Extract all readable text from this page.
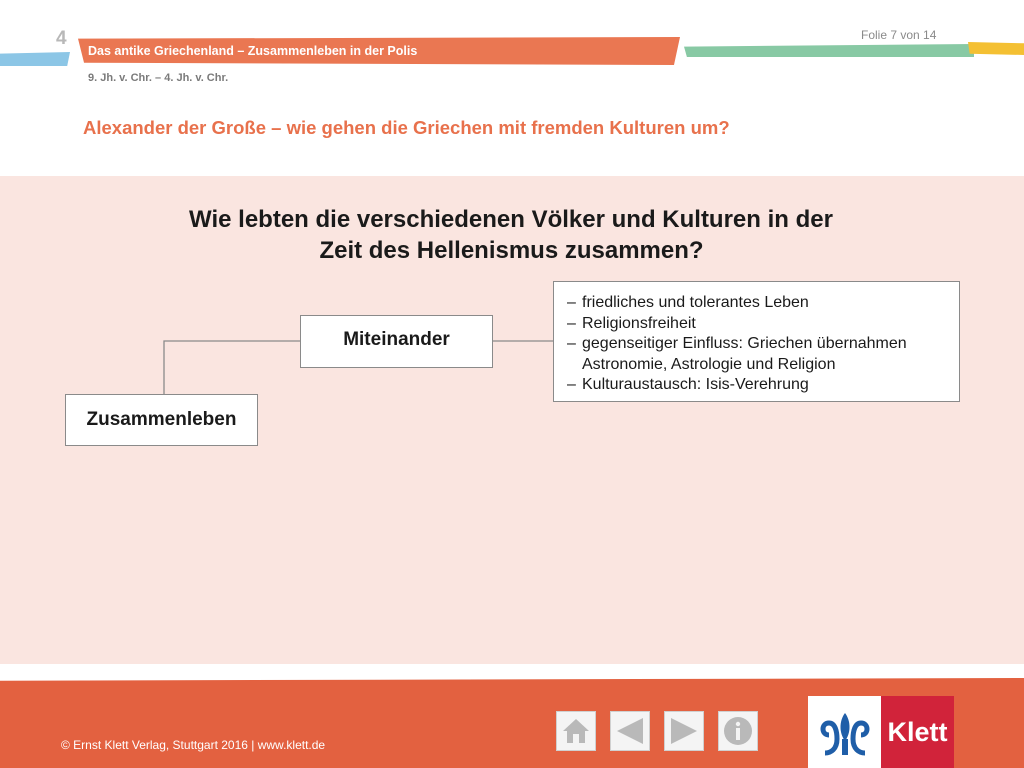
4
Das antike Griechenland – Zusammenleben in der Polis
Folie 7 von 14
9. Jh. v. Chr. – 4. Jh. v. Chr.
Alexander der Große – wie gehen die Griechen mit fremden Kulturen um?
Wie lebten die verschiedenen Völker und Kulturen in der
Zeit des Hellenismus zusammen?
Miteinander
Zusammenleben
– friedliches und tolerantes Leben
– Religionsfreiheit
– gegenseitiger Einfluss: Griechen übernahmen
Astronomie, Astrologie und Religion
– Kulturaustausch: Isis-Verehrung
© Ernst Klett Verlag, Stuttgart 2016 | www.klett.de	Klett
